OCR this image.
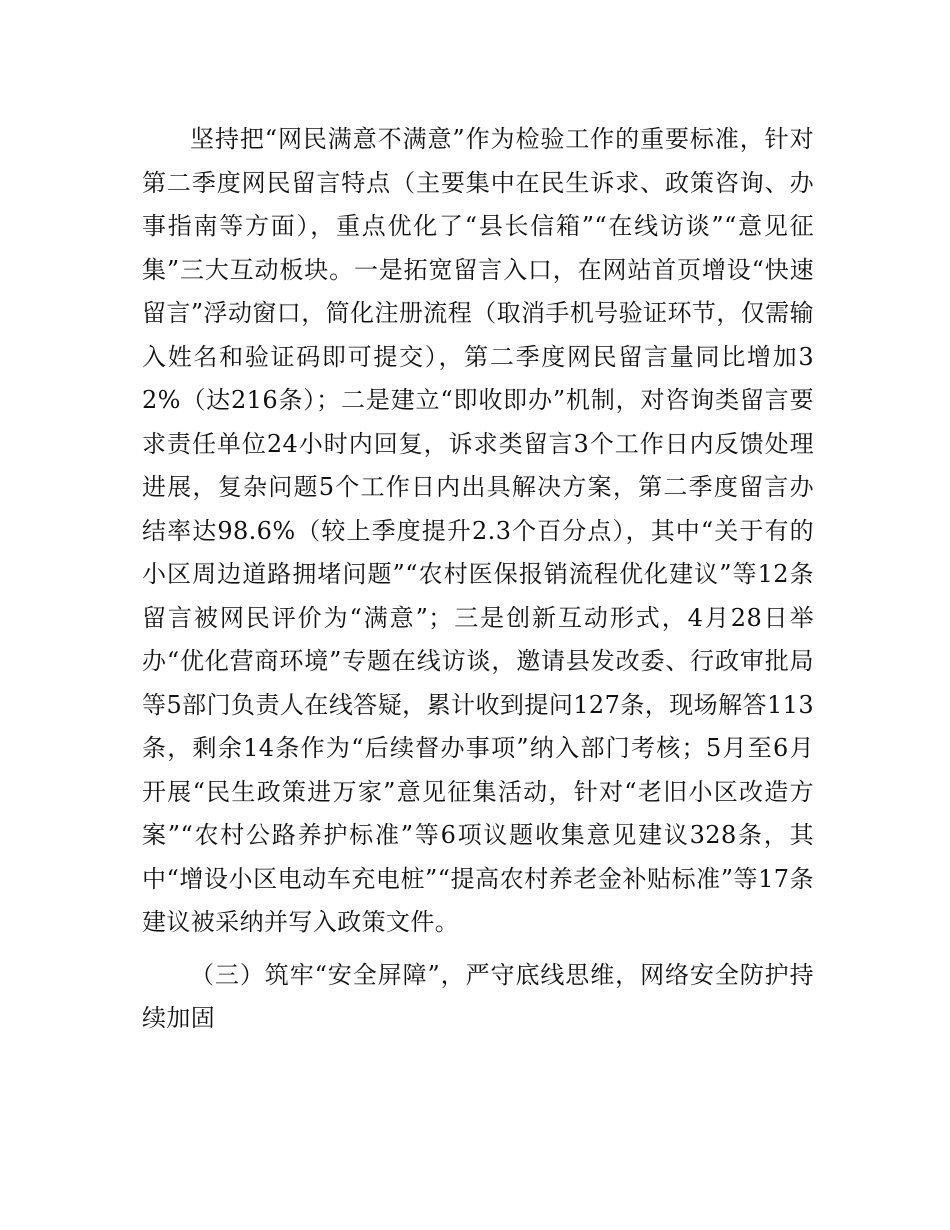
坚持把“网民满意不满意”作为检验工作的重要标准，针对第二季度网民留言特点（主要集中在民生诉求、政策咨询、办事指南等方面），重点优化了“县长信箱”“在线访谈”“意见征集”三大互动板块。一是拓宽留言入口，在网站首页增设“快速留言”浮动窗口，简化注册流程（取消手机号验证环节，仅需输入姓名和验证码即可提交），第二季度网民留言量同比增加32%（达216条）；二是建立“即收即办”机制，对咨询类留言要求责任单位24小时内回复，诉求类留言3个工作日内反馈处理进展，复杂问题5个工作日内出具解决方案，第二季度留言办结率达98.6%（较上季度提升2.3个百分点），其中“关于有的小区周边道路拥堵问题”“农村医保报销流程优化建议”等12条留言被网民评价为“满意”；三是创新互动形式，4月28日举办“优化营商环境”专题在线访谈，邀请县发改委、行政审批局等5部门负责人在线答疑，累计收到提问127条，现场解答113条，剩余14条作为“后续督办事项”纳入部门考核；5月至6月开展“民生政策进万家”意见征集活动，针对“老旧小区改造方案”“农村公路养护标准”等6项议题收集意见建议328条，其中“增设小区电动车充电桩”“提高农村养老金补贴标准”等17条建议被采纳并写入政策文件。

（三）筑牢“安全屏障”，严守底线思维，网络安全防护持续加固
